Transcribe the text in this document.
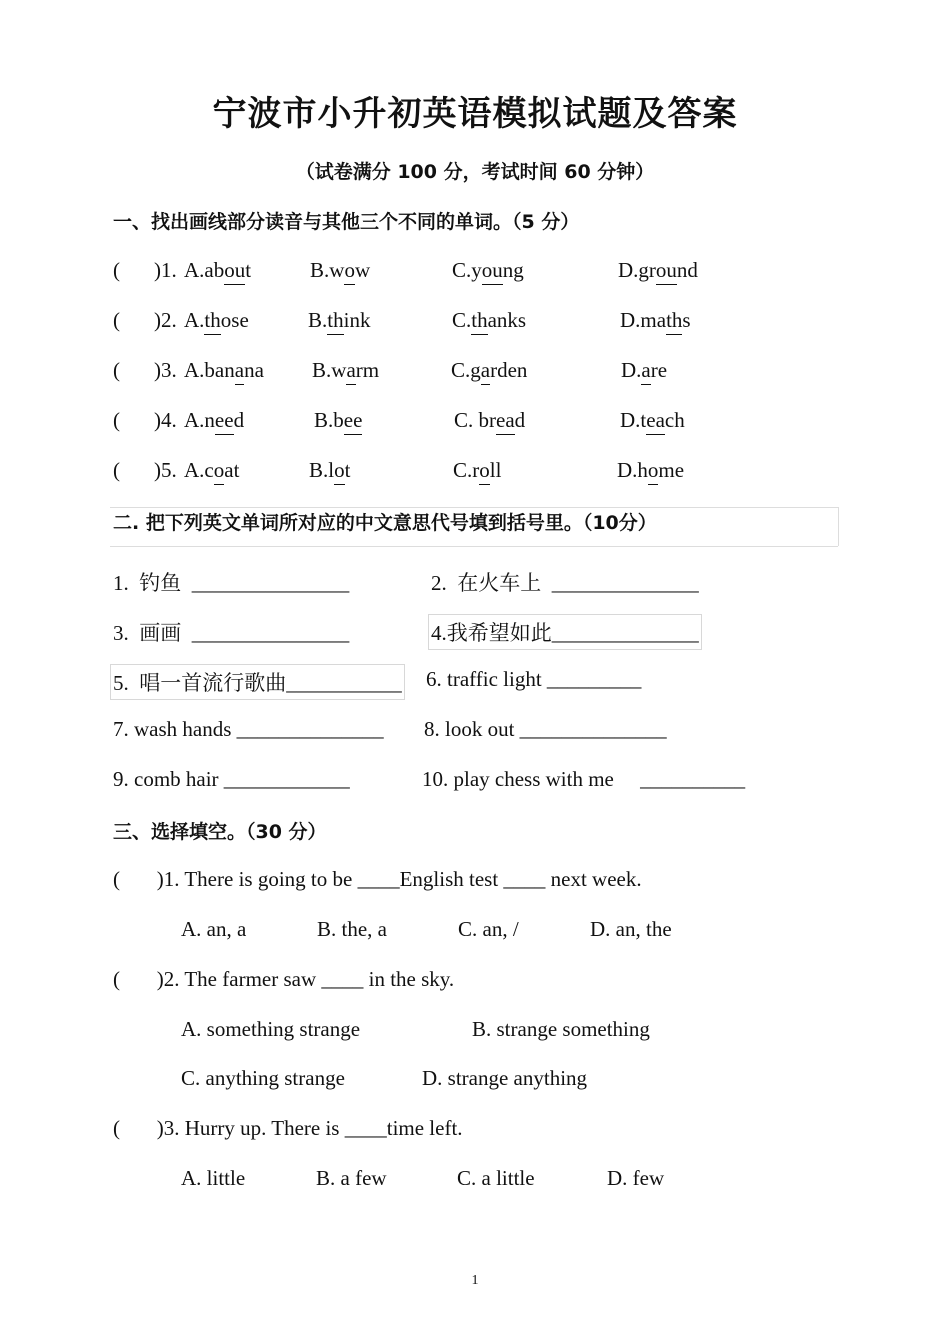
宁波市小升初英语模拟试题及答案
（试卷满分 100 分，考试时间 60 分钟）
一、找出画线部分读音与其他三个不同的单词。（5 分）
( )1. A.about	B.wow	C.young	D.ground
( )2. A.those	B.think	C.thanks	D.maths
( )3. A.banana B.warm	C.garden	D.are
( )4. A.need	B.bee	C. bread	D.teach
( )5. A.coat	B.lot	C.roll	D.home
二. 把下列英文单词所对应的中文意思代号填到括号里。（10分）
1.  钓鱼  _______________	2.  在火车上  ______________
3.  画画  _______________	4.我希望如此______________
5.  唱一首流行歌曲___________ 6. traffic light _________
7. wash hands ______________ 8. look out ______________
9. comb hair ____________	10. play chess with me     __________
三、选择填空。（30 分）
(       )1. There is going to be ____English test ____ next week.
A. an, a	B. the, a	C. an, /	D. an, the
(       )2. The farmer saw ____ in the sky.
A. something strange	B. strange something
C. anything strange	D. strange anything
(       )3. Hurry up. There is ____time left.
A. little	B. a few	C. a little	D. few
1
